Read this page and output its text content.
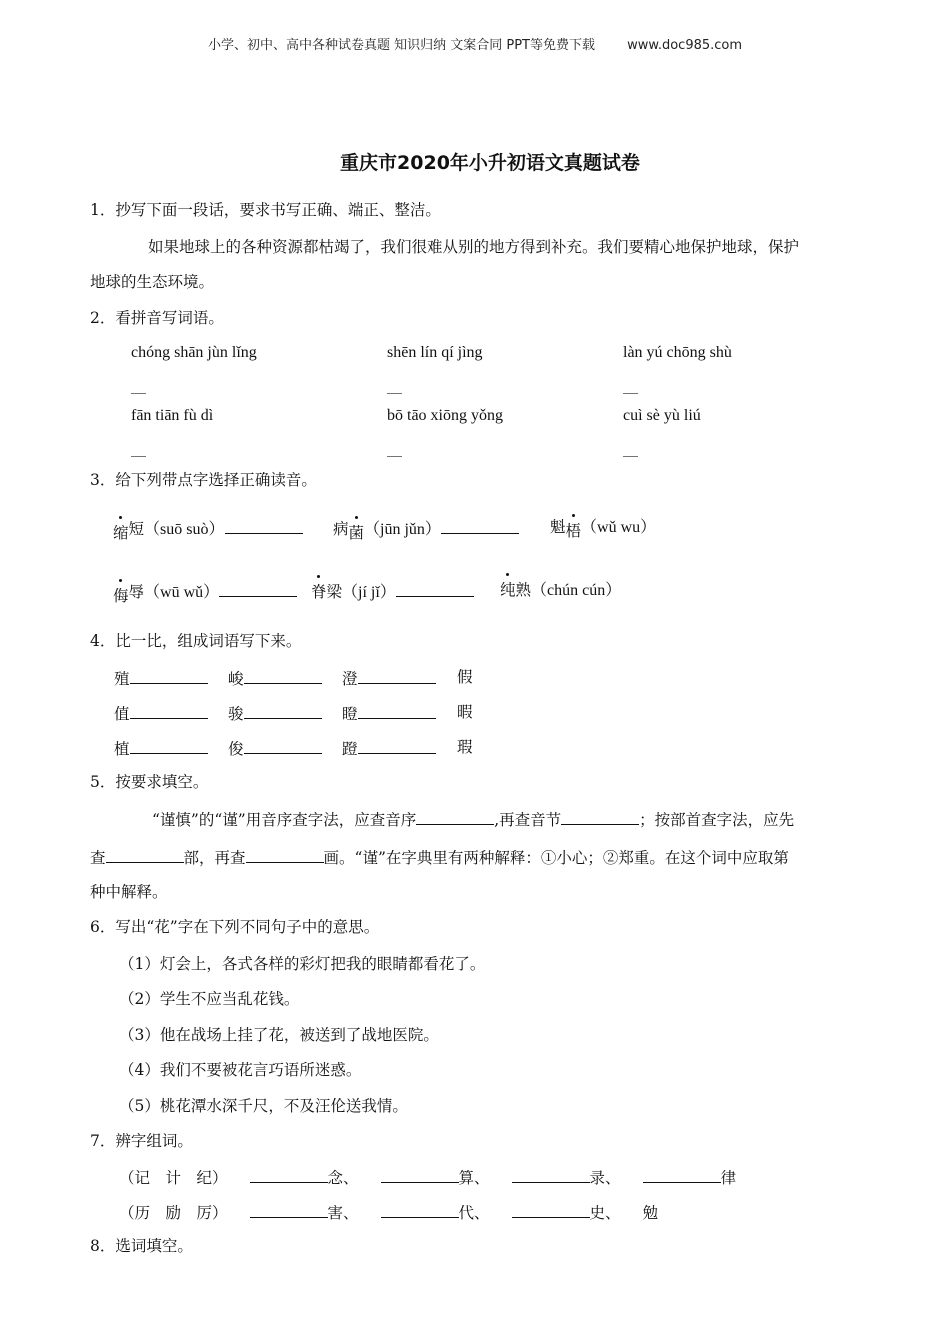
小学、初中、高中各种试卷真题 知识归纳 文案合同 PPT等免费下载 www.doc985.com
重庆市2020年小升初语文真题试卷
1．抄写下面一段话，要求书写正确、端正、整洁。
如果地球上的各种资源都枯竭了，我们很难从别的地方得到补充。我们要精心地保护地球，保护
地球的生态环境。
2．看拼音写词语。
chóng shān jùn lǐng	shēn lín qí jìng	làn yú chōng shù
__	__	__
fān tiān fù dì	bō tāo xiōng yǒng	cuì sè yù liú
__	__	__
3．给下列带点字选择正确读音。
缩短（suō suò）	病菌（jūn jǔn）	魁梧（wǔ wu）
侮辱（wū wǔ）	脊梁（jí jǐ）	纯熟（chún cún）
4．比一比，组成词语写下来。
殖	峻	澄	假
值	骏	瞪	暇
植	俊	蹬	瑕
5．按要求填空。
“谨慎”的“谨”用音序查字法，应查音序	,再查音节	；按部首查字法，应先
查	部，再查	画。“谨”在字典里有两种解释：①小心；②郑重。在这个词中应取第
种中解释。
6．写出“花”字在下列不同句子中的意思。
（1）灯会上，各式各样的彩灯把我的眼睛都看花了。
（2）学生不应当乱花钱。
（3）他在战场上挂了花，被送到了战地医院。
（4）我们不要被花言巧语所迷惑。
（5）桃花潭水深千尺，不及汪伦送我情。
7．辨字组词。
（记　计　纪）	念、	算、	录、	律
（历　励　厉）	害、	代、	史、 勉
8．选词填空。
